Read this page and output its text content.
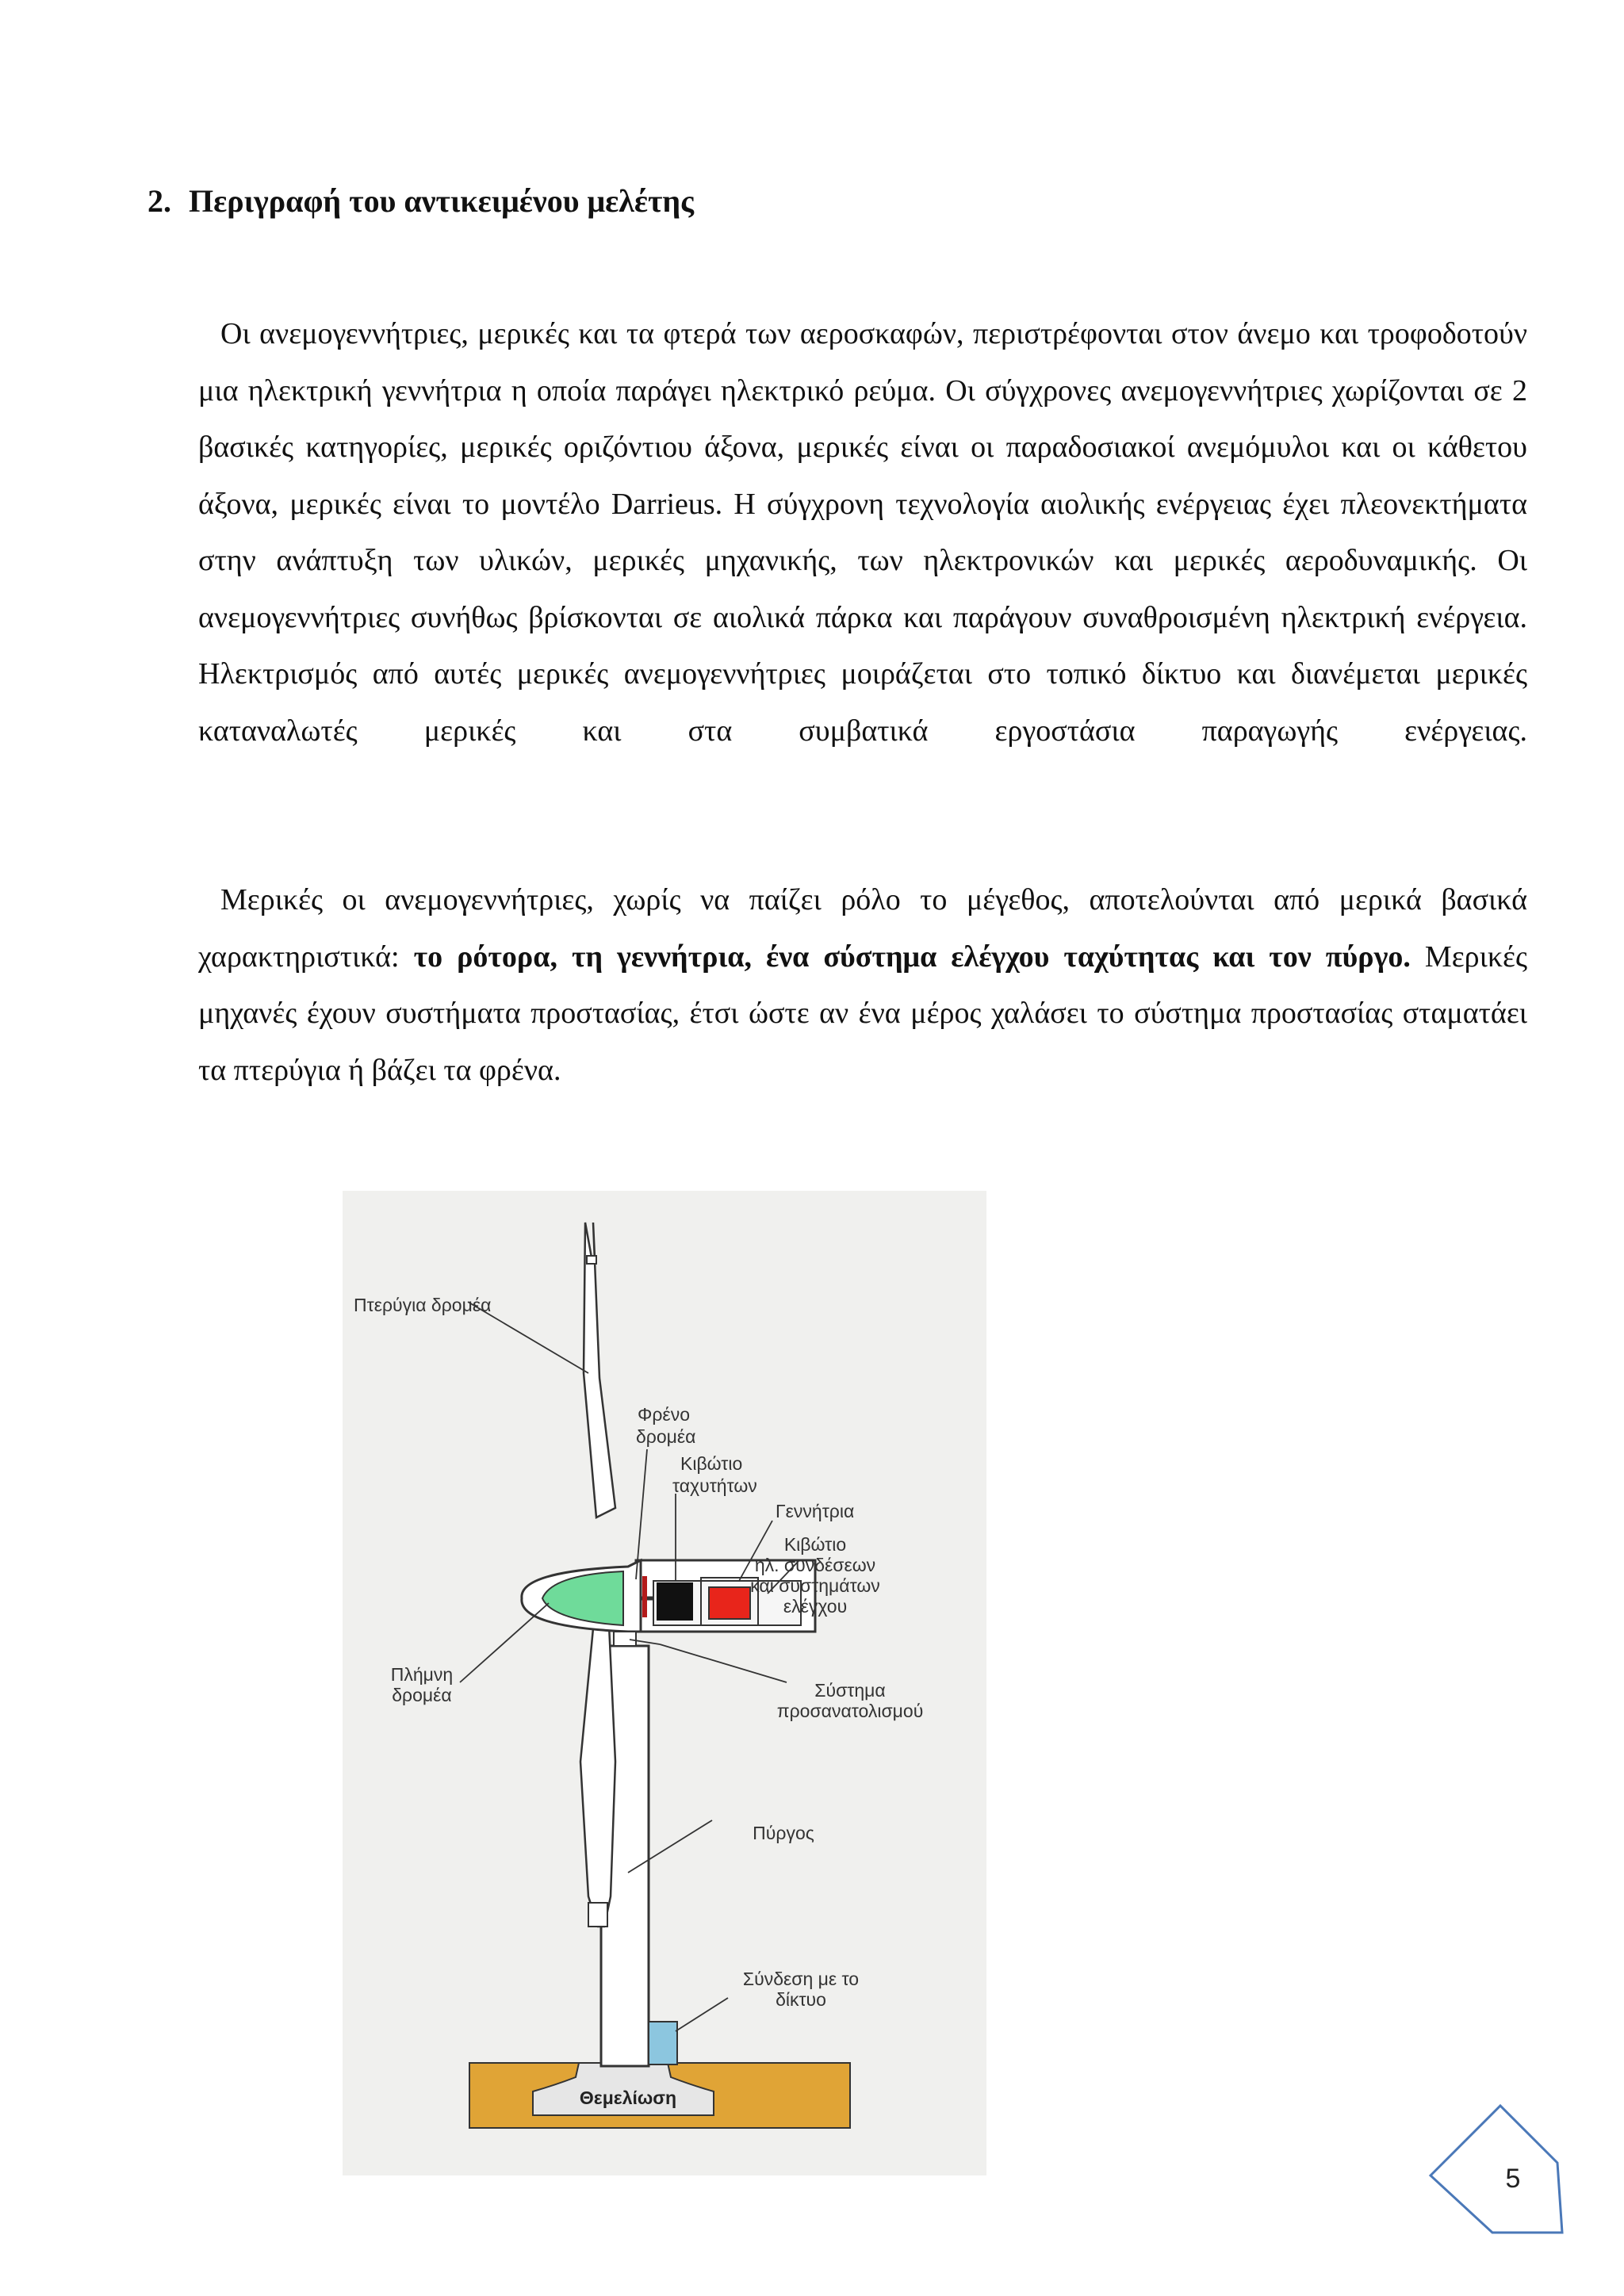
2. Περιγραφή του αντικειμένου μελέτης

Οι ανεμογεννήτριες, μερικές και τα φτερά των αεροσκαφών, περιστρέφονται στον άνεμο και τροφοδοτούν μια ηλεκτρική γεννήτρια η οποία παράγει ηλεκτρικό ρεύμα. Οι σύγχρονες ανεμογεννήτριες χωρίζονται σε 2 βασικές κατηγορίες, μερικές οριζόντιου άξονα, μερικές είναι οι παραδοσιακοί ανεμόμυλοι και οι κάθετου άξονα, μερικές είναι το μοντέλο Darrieus. Η σύγχρονη τεχνολογία αιολικής ενέργειας έχει πλεονεκτήματα στην ανάπτυξη των υλικών, μερικές μηχανικής, των ηλεκτρονικών και μερικές αεροδυναμικής. Οι ανεμογεννήτριες συνήθως βρίσκονται σε αιολικά πάρκα και παράγουν συναθροισμένη ηλεκτρική ενέργεια. Ηλεκτρισμός από αυτές μερικές ανεμογεννήτριες μοιράζεται στο τοπικό δίκτυο και διανέμεται μερικές καταναλωτές μερικές και στα συμβατικά εργοστάσια παραγωγής ενέργειας.

Μερικές οι ανεμογεννήτριες, χωρίς να παίζει ρόλο το μέγεθος, αποτελούνται από μερικά βασικά χαρακτηριστικά: το ρότορα, τη γεννήτρια, ένα σύστημα ελέγχου ταχύτητας και τον πύργο. Μερικές μηχανές έχουν συστήματα προστασίας, έτσι ώστε αν ένα μέρος χαλάσει το σύστημα προστασίας σταματάει τα πτερύγια ή βάζει τα φρένα.

Πτερύγια δρομέα
Φρένο
δρομέα
Κιβώτιο
ταχυτήτων
Γεννήτρια
Κιβώτιο
ηλ. συνδέσεων
και συστημάτων
ελέγχου
Πλήμνη
δρομέα	Σύστημα
προσανατολισμού
Πύργος
Σύνδεση με το
δίκτυο
Θεμελίωση
5
